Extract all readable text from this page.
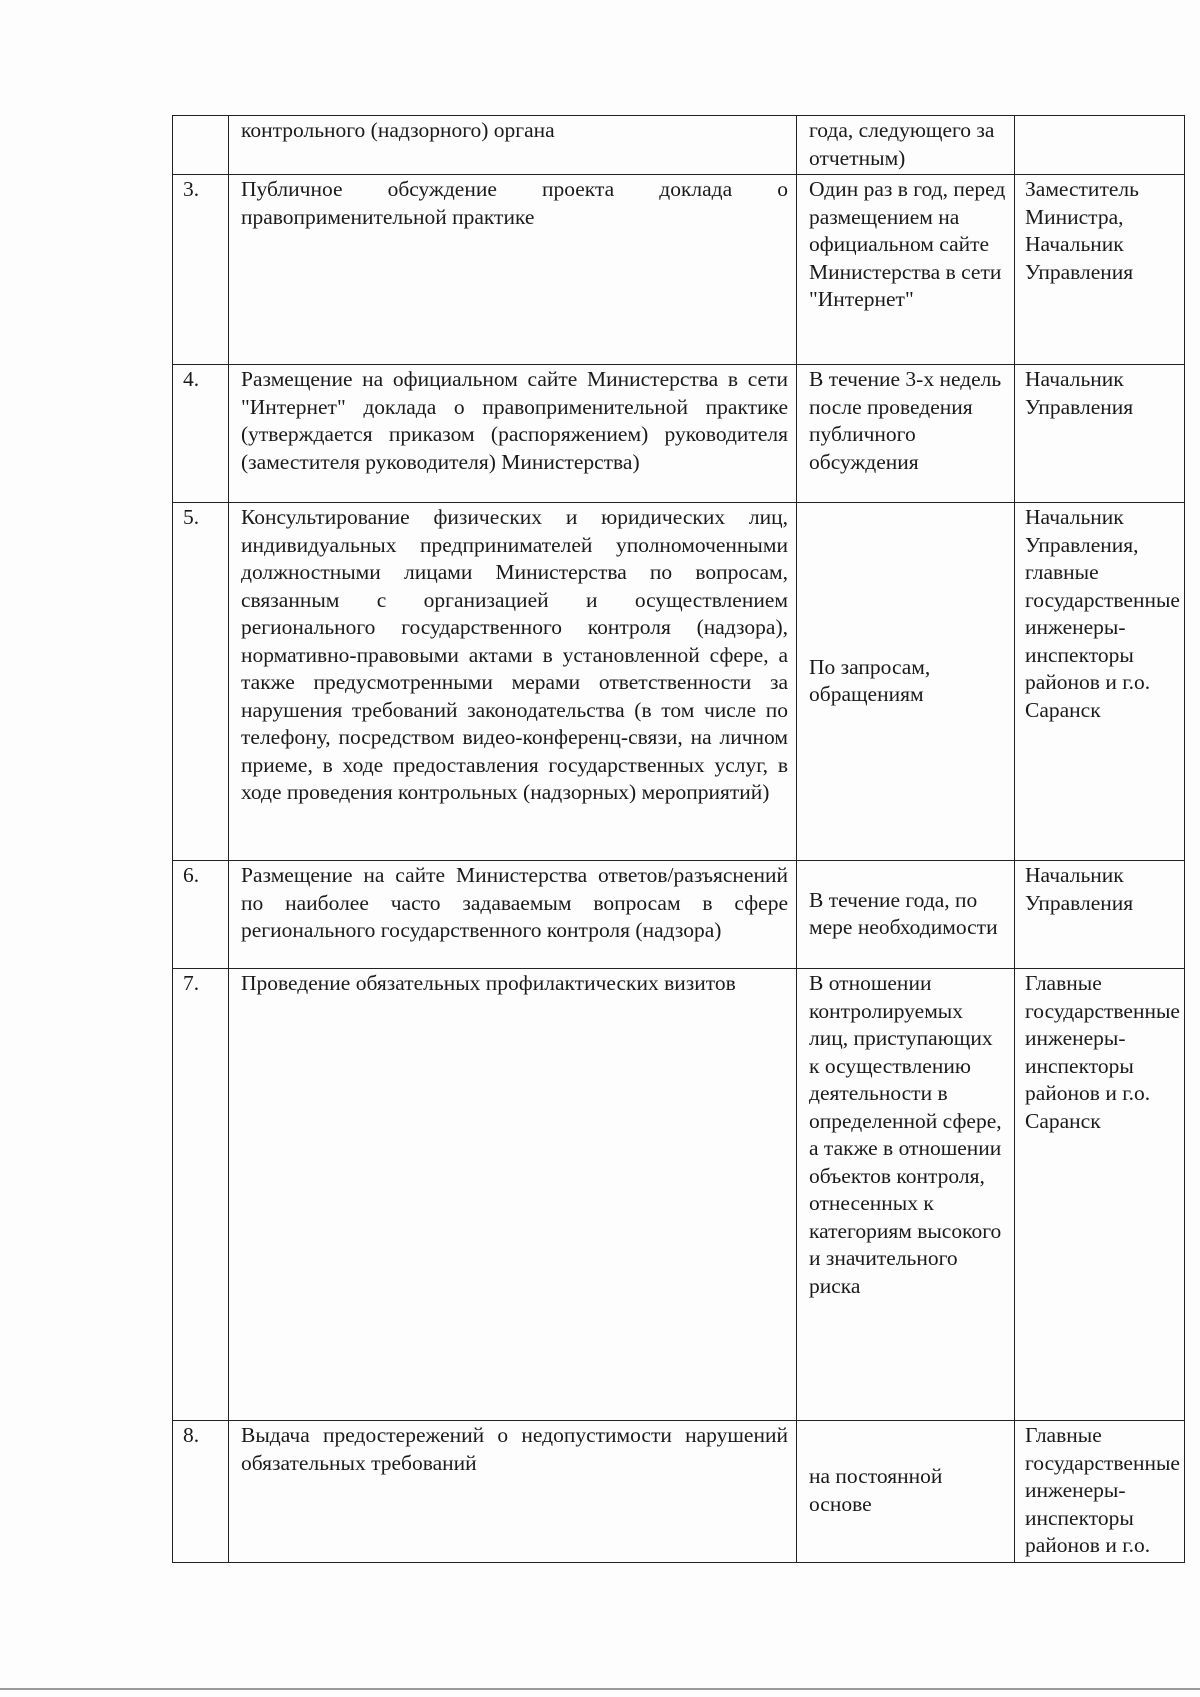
	контрольного (надзорного) органа	года, следующего за отчетным)	
3.	Публичное обсуждение проекта доклада о правоприменительной практике	Один раз в год, перед размещением на официальном сайте Министерства в сети "Интернет"	Заместитель Министра, Начальник Управления
4.	Размещение на официальном сайте Министерства в сети "Интернет" доклада о правоприменительной практике (утверждается приказом (распоряжением) руководителя (заместителя руководителя) Министерства)	В течение 3-х недель после проведения публичного обсуждения	Начальник Управления
5.	Консультирование физических и юридических лиц, индивидуальных предпринимателей уполномоченными должностными лицами Министерства по вопросам, связанным с организацией и осуществлением регионального государственного контроля (надзора), нормативно-правовыми актами в установленной сфере, а также предусмотренными мерами ответственности за нарушения требований законодательства (в том числе по телефону, посредством видео-конференц-связи, на личном приеме, в ходе предоставления государственных услуг, в ходе проведения контрольных (надзорных) мероприятий)	По запросам, обращениям	Начальник Управления, главные государственные инженеры-инспекторы районов и г.о. Саранск
6.	Размещение на сайте Министерства ответов/разъяснений по наиболее часто задаваемым вопросам в сфере регионального государственного контроля (надзора)	В течение года, по мере необходимости	Начальник Управления
7.	Проведение обязательных профилактических визитов	В отношении контролируемых лиц, приступающих к осуществлению деятельности в определенной сфере, а также в отношении объектов контроля, отнесенных к категориям высокого и значительного риска	Главные государственные инженеры-инспекторы районов и г.о. Саранск
8.	Выдача предостережений о недопустимости нарушений обязательных требований	на постоянной основе	Главные государственные инженеры-инспекторы районов и г.о.
